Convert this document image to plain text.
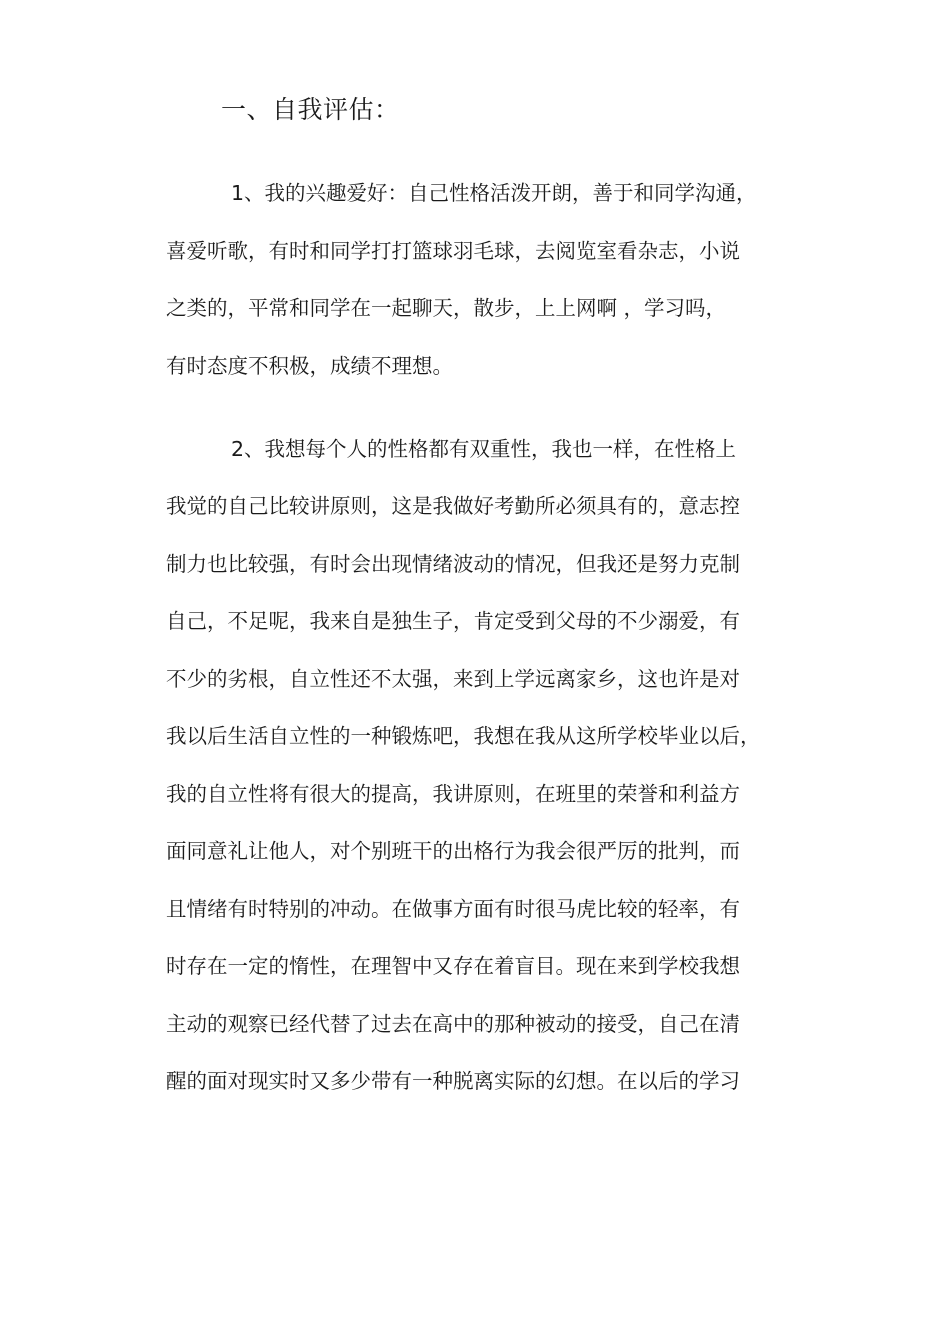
一、自我评估：
1、我的兴趣爱好：自己性格活泼开朗，善于和同学沟通，
喜爱听歌，有时和同学打打篮球羽毛球，去阅览室看杂志，小说
之类的，平常和同学在一起聊天，散步，上上网啊 ，学习吗，
有时态度不积极，成绩不理想。
2、我想每个人的性格都有双重性，我也一样，在性格上
我觉的自己比较讲原则，这是我做好考勤所必须具有的，意志控
制力也比较强，有时会出现情绪波动的情况，但我还是努力克制
自己，不足呢，我来自是独生子，肯定受到父母的不少溺爱，有
不少的劣根，自立性还不太强，来到上学远离家乡，这也许是对
我以后生活自立性的一种锻炼吧，我想在我从这所学校毕业以后，
我的自立性将有很大的提高，我讲原则，在班里的荣誉和利益方
面同意礼让他人，对个别班干的出格行为我会很严厉的批判，而
且情绪有时特别的冲动。在做事方面有时很马虎比较的轻率，有
时存在一定的惰性，在理智中又存在着盲目。现在来到学校我想
主动的观察已经代替了过去在高中的那种被动的接受，自己在清
醒的面对现实时又多少带有一种脱离实际的幻想。在以后的学习
